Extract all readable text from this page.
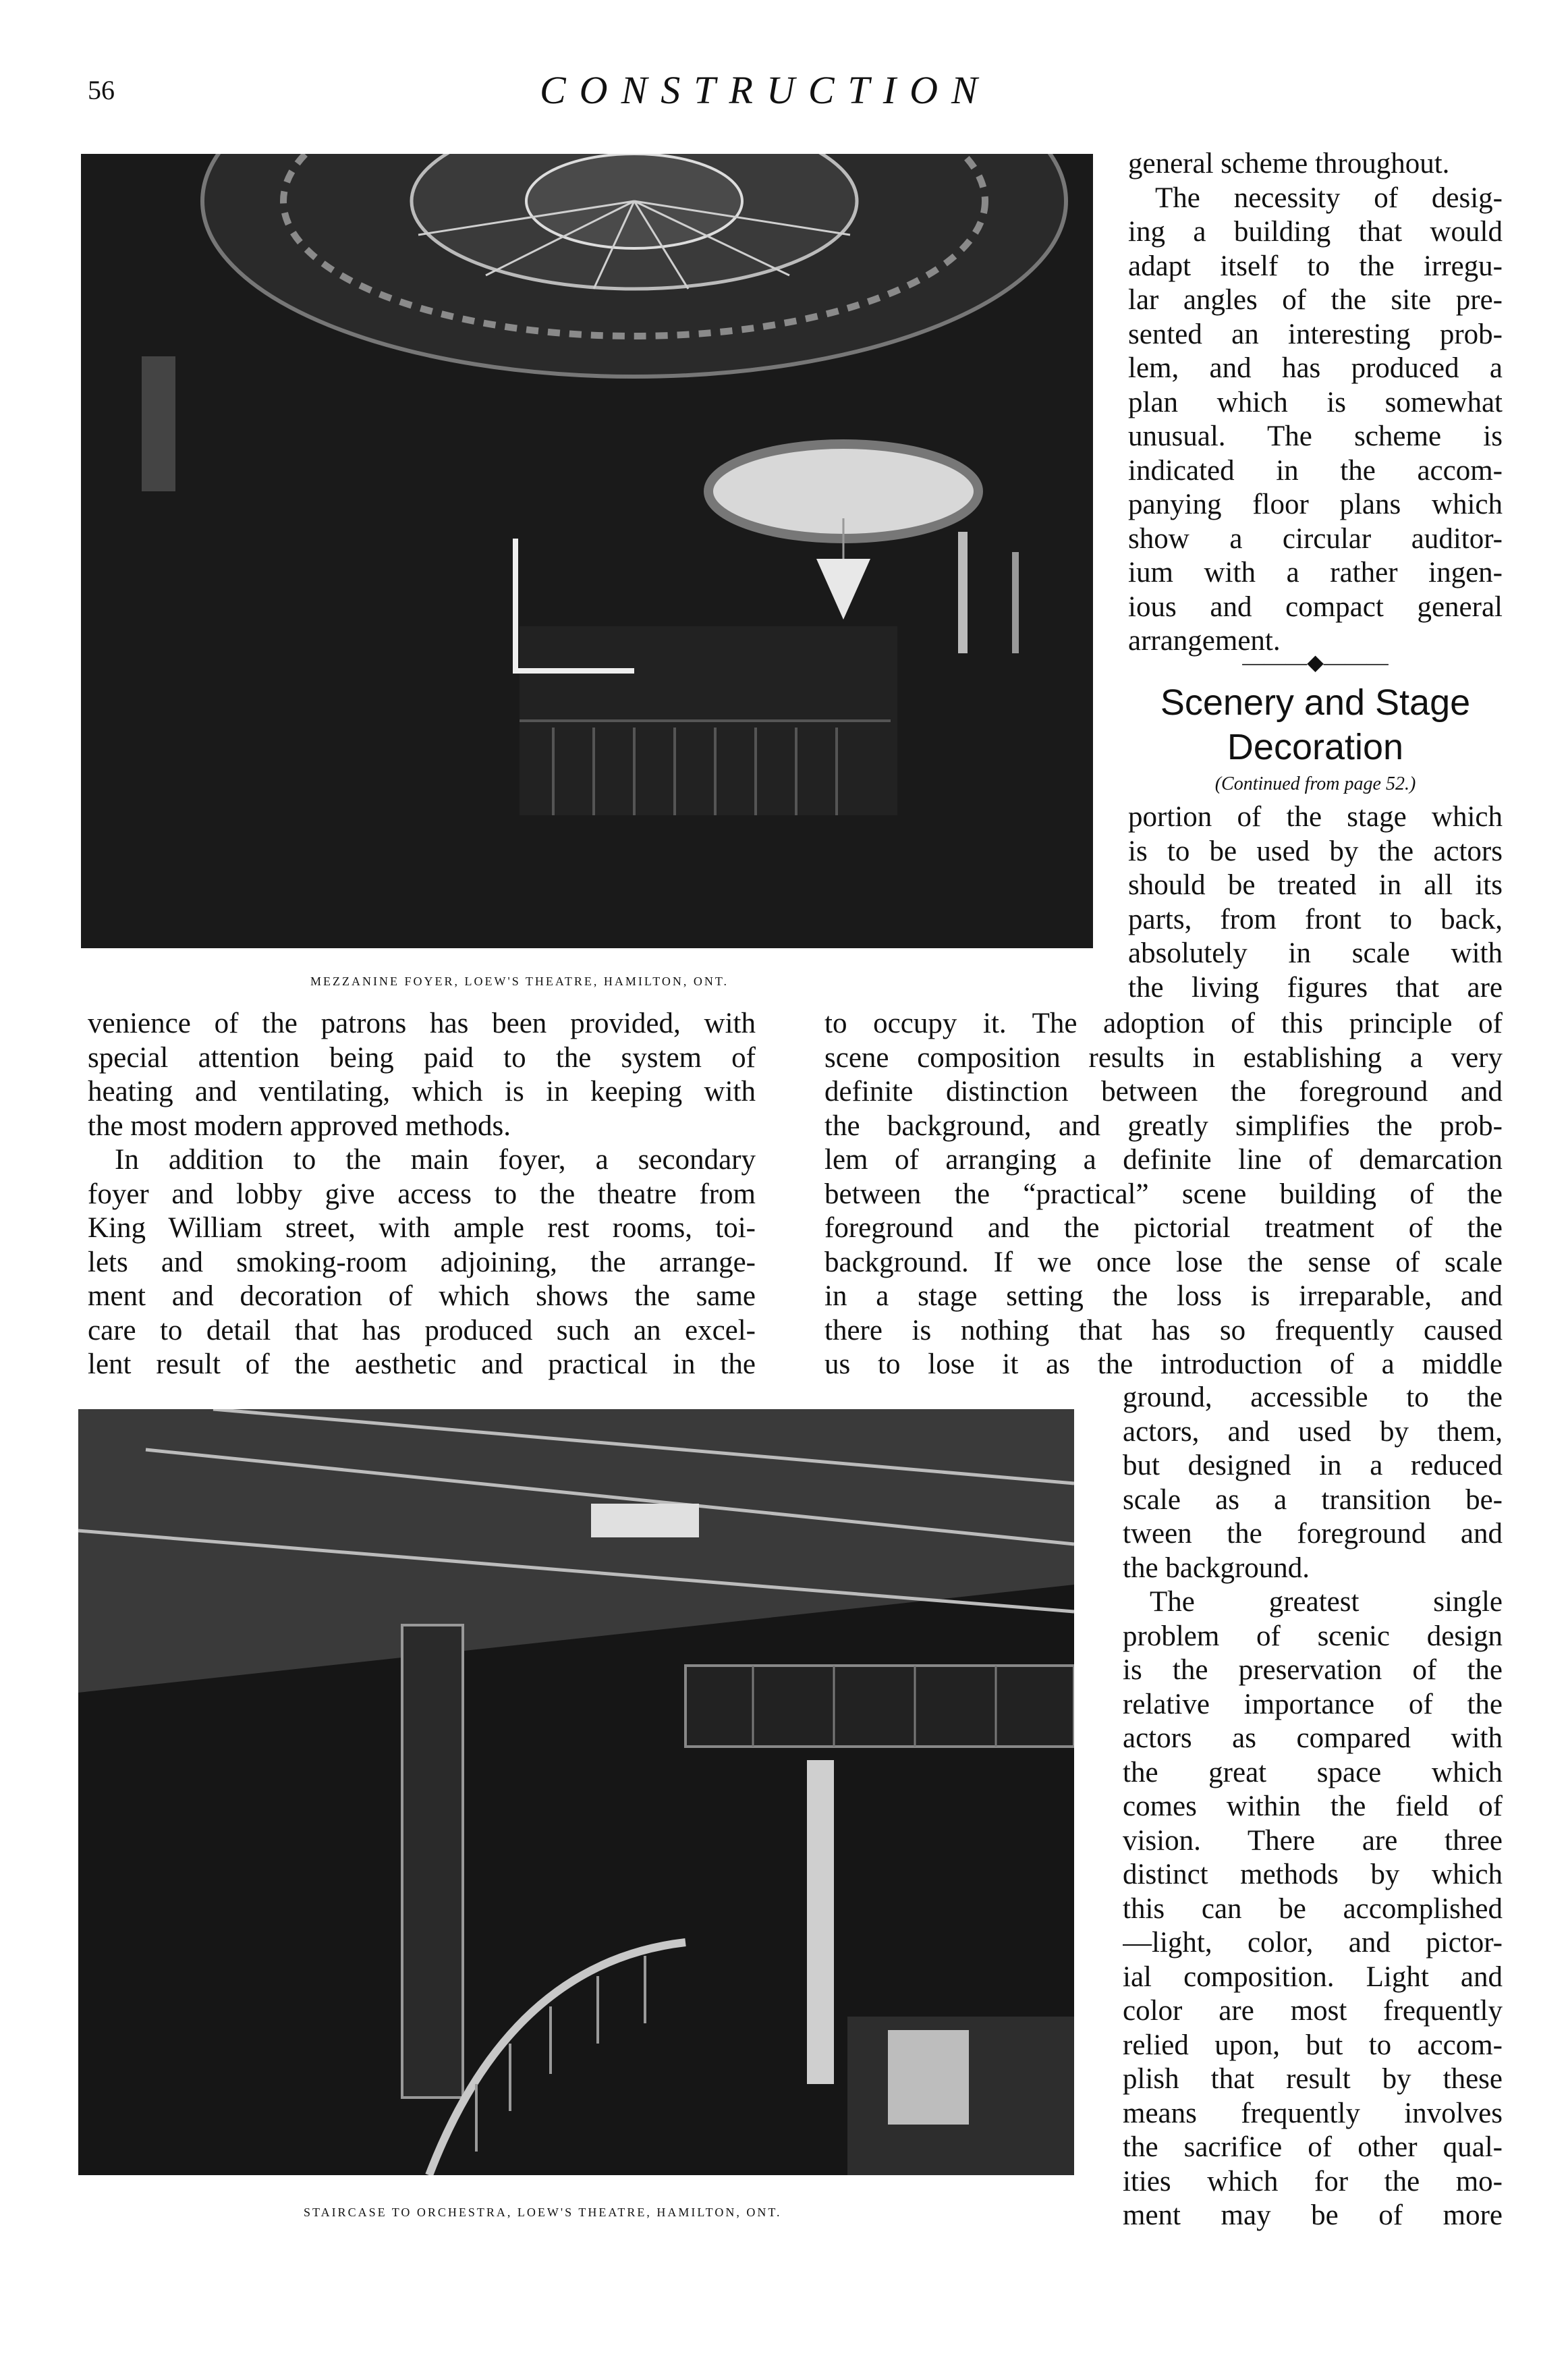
56	CONSTRUCTION
MEZZANINE FOYER, LOEW'S THEATRE, HAMILTON, ONT.
general scheme throughout.
The necessity of desig-
ing a building that would
adapt itself to the irregu-
lar angles of the site pre-
sented an interesting prob-
lem, and has produced a
plan which is somewhat
unusual. The scheme is
indicated in the accom-
panying floor plans which
show a circular auditor-
ium with a rather ingen-
ious and compact general
arrangement.
———◆———
Scenery and Stage
Decoration
(Continued from page 52.)
portion of the stage which
is to be used by the actors
should be treated in all its
parts, from front to back,
absolutely in scale with
the living figures that are
venience of the patrons has been provided, with
special attention being paid to the system of
heating and ventilating, which is in keeping with
the most modern approved methods.
In addition to the main foyer, a secondary
foyer and lobby give access to the theatre from
King William street, with ample rest rooms, toi-
lets and smoking-room adjoining, the arrange-
ment and decoration of which shows the same
care to detail that has produced such an excel-
lent result of the aesthetic and practical in the
to occupy it. The adoption of this principle of
scene composition results in establishing a very
definite distinction between the foreground and
the background, and greatly simplifies the prob-
lem of arranging a definite line of demarcation
between the “practical” scene building of the
foreground and the pictorial treatment of the
background. If we once lose the sense of scale
in a stage setting the loss is irreparable, and
there is nothing that has so frequently caused
us to lose it as the introduction of a middle
STAIRCASE TO ORCHESTRA, LOEW'S THEATRE, HAMILTON, ONT.
ground, accessible to the
actors, and used by them,
but designed in a reduced
scale as a transition be-
tween the foreground and
the background.
The greatest single
problem of scenic design
is the preservation of the
relative importance of the
actors as compared with
the great space which
comes within the field of
vision. There are three
distinct methods by which
this can be accomplished
—light, color, and pictor-
ial composition. Light and
color are most frequently
relied upon, but to accom-
plish that result by these
means frequently involves
the sacrifice of other qual-
ities which for the mo-
ment may be of more
